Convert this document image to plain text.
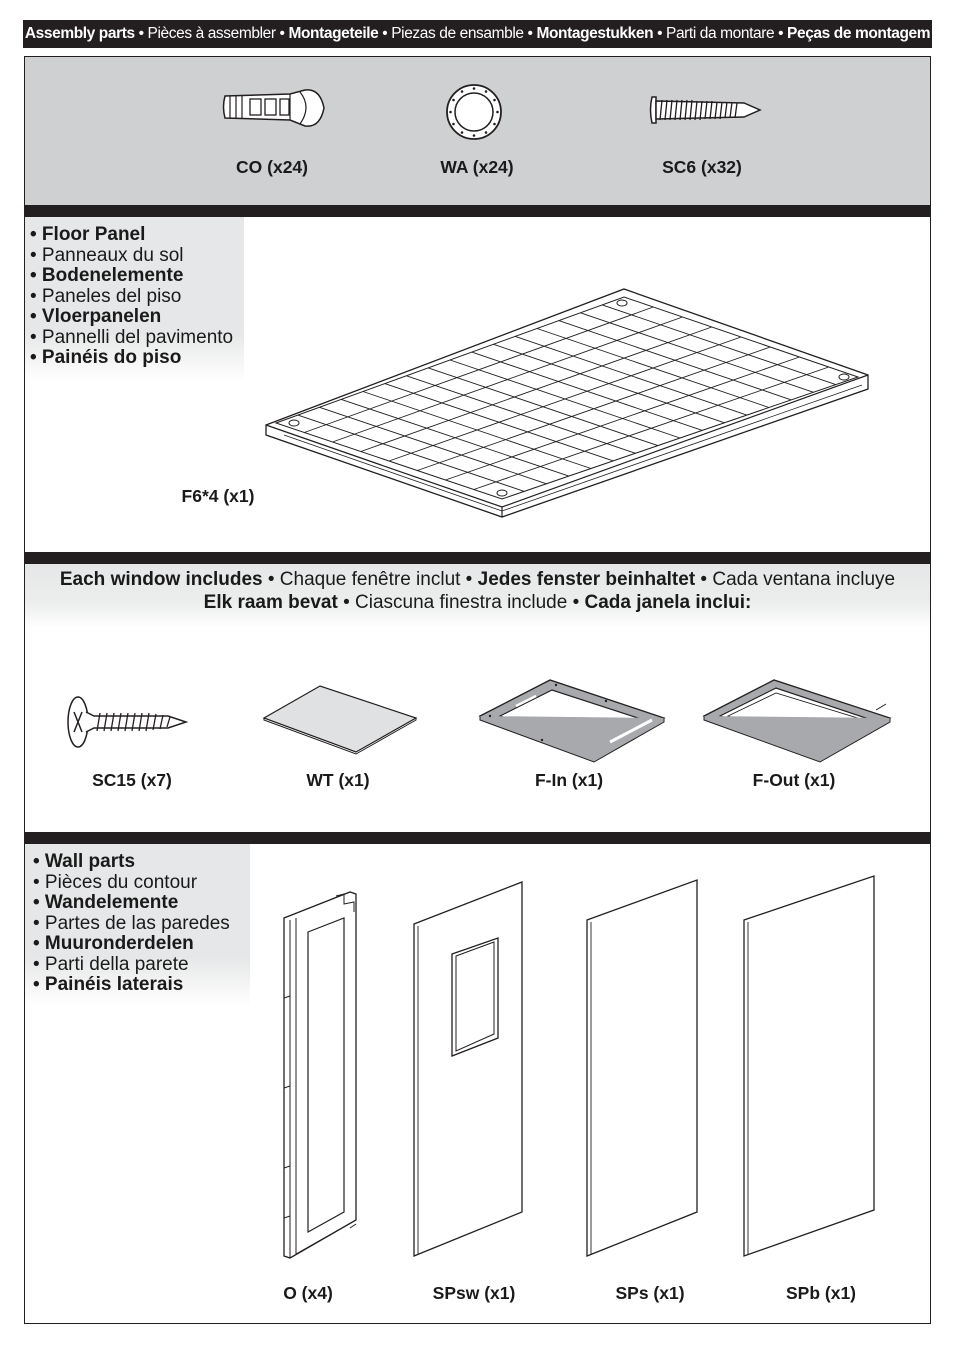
Assembly parts • Pièces à assembler • Montageteile • Piezas de ensamble • Montagestukken • Parti da montare • Peças de montagem
CO (x24)	WA (x24)	SC6 (x32)
• Floor Panel
• Panneaux du sol
• Bodenelemente
• Paneles del piso
• Vloerpanelen
• Pannelli del pavimento
• Painéis do piso
F6*4 (x1)
Each window includes • Chaque fenêtre inclut • Jedes fenster beinhaltet • Cada ventana incluye
Elk raam bevat • Ciascuna finestra include • Cada janela inclui:
SC15 (x7)	WT (x1)	F-In (x1)	F-Out (x1)
• Wall parts
• Pièces du contour
• Wandelemente
• Partes de las paredes
• Muuronderdelen
• Parti della parete
• Painéis laterais
O (x4)	SPsw (x1)	SPs (x1)	SPb (x1)
